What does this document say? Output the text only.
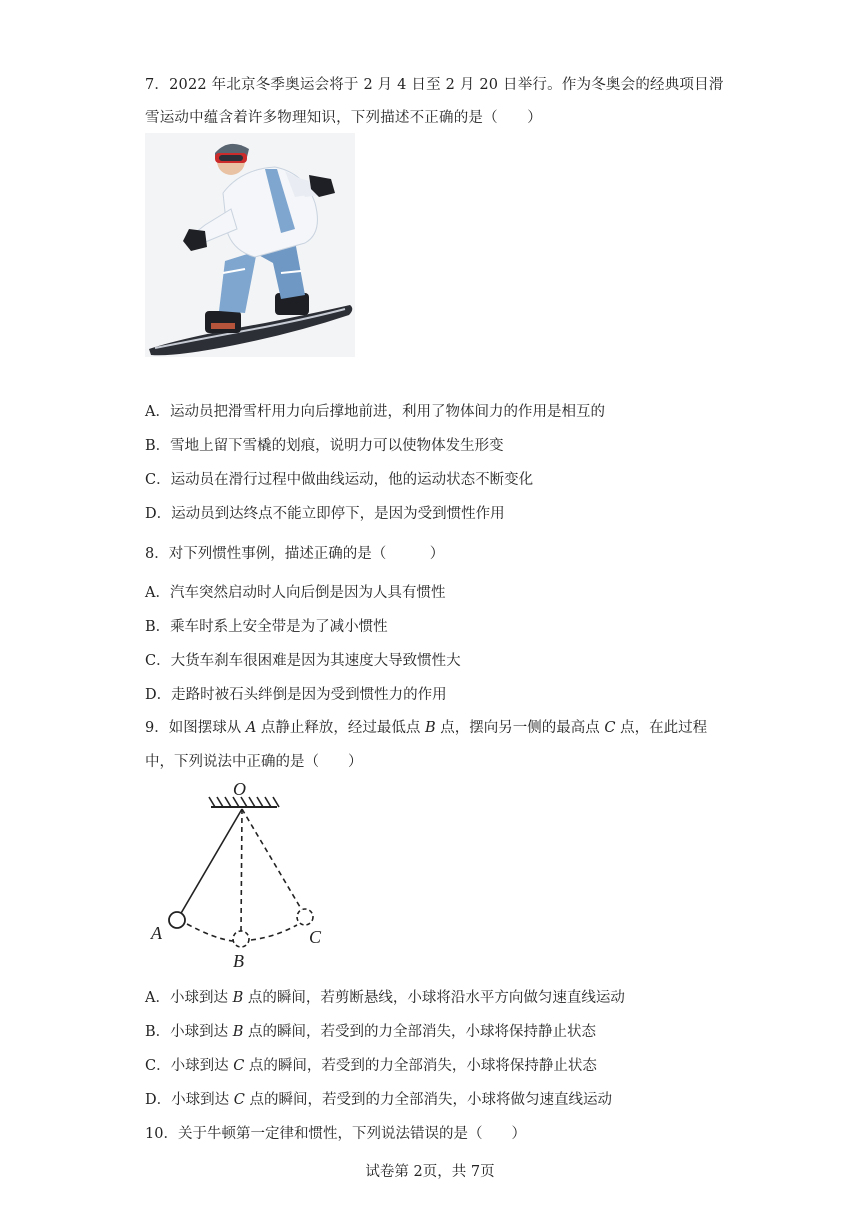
7．2022 年北京冬季奥运会将于 2 月 4 日至 2 月 20 日举行。作为冬奥会的经典项目滑
雪运动中蕴含着许多物理知识，下列描述不正确的是（　　）
A．运动员把滑雪杆用力向后撑地前进，利用了物体间力的作用是相互的
B．雪地上留下雪橇的划痕，说明力可以使物体发生形变
C．运动员在滑行过程中做曲线运动，他的运动状态不断变化
D．运动员到达终点不能立即停下，是因为受到惯性作用
8．对下列惯性事例，描述正确的是（　　　）
A．汽车突然启动时人向后倒是因为人具有惯性
B．乘车时系上安全带是为了减小惯性
C．大货车刹车很困难是因为其速度大导致惯性大
D．走路时被石头绊倒是因为受到惯性力的作用
9．如图摆球从 A 点静止释放，经过最低点 B 点，摆向另一侧的最高点 C 点，在此过程
中，下列说法中正确的是（　　）
O
A
B
C
A．小球到达 B 点的瞬间，若剪断悬线，小球将沿水平方向做匀速直线运动
B．小球到达 B 点的瞬间，若受到的力全部消失，小球将保持静止状态
C．小球到达 C 点的瞬间，若受到的力全部消失，小球将保持静止状态
D．小球到达 C 点的瞬间，若受到的力全部消失，小球将做匀速直线运动
10．关于牛顿第一定律和惯性，下列说法错误的是（　　）
试卷第 2页，共 7页
